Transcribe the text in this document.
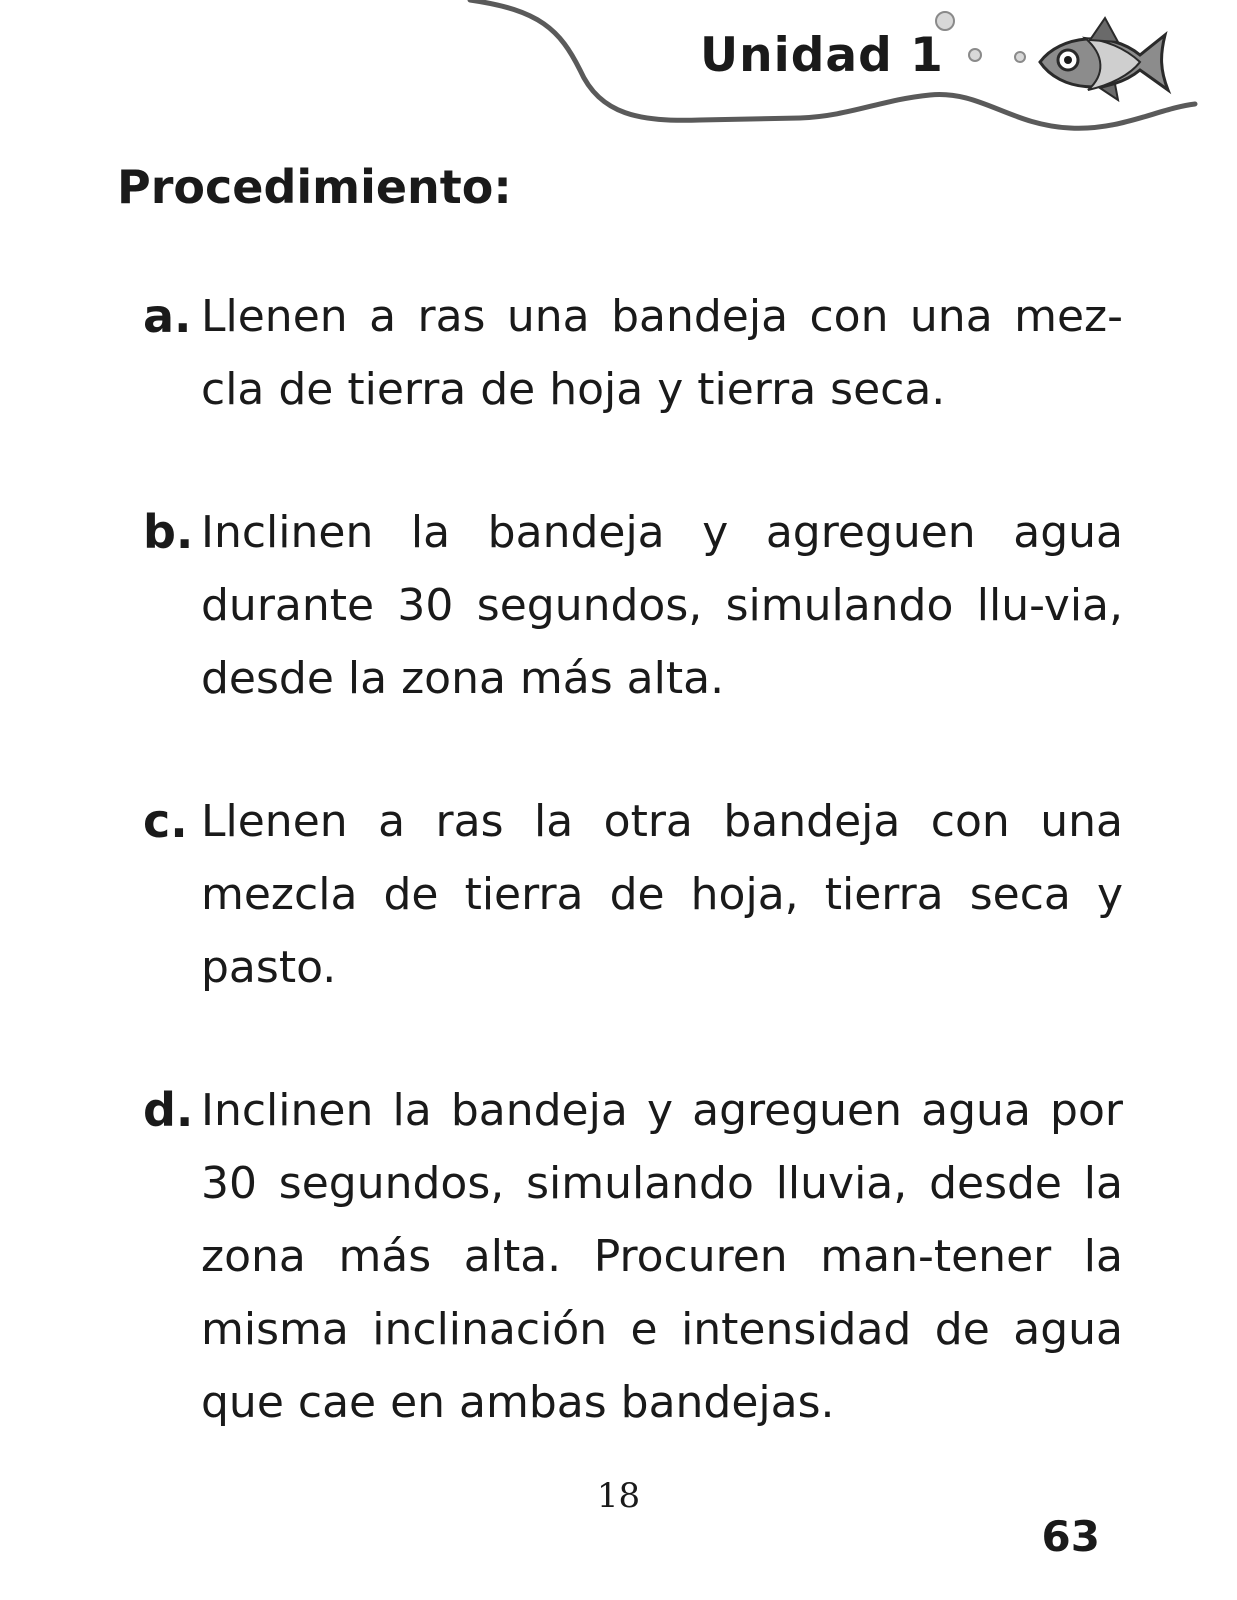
Unidad 1
Procedimiento:
a. Llenen a ras una bandeja con una mez-cla de tierra de hoja y tierra seca.
b. Inclinen la bandeja y agreguen agua durante 30 segundos, simulando llu-via, desde la zona más alta.
c. Llenen a ras la otra bandeja con una mezcla de tierra de hoja, tierra seca y pasto.
d. Inclinen la bandeja y agreguen agua por 30 segundos, simulando lluvia, desde la zona más alta. Procuren man-tener la misma inclinación e intensidad de agua que cae en ambas bandejas.
18
63
